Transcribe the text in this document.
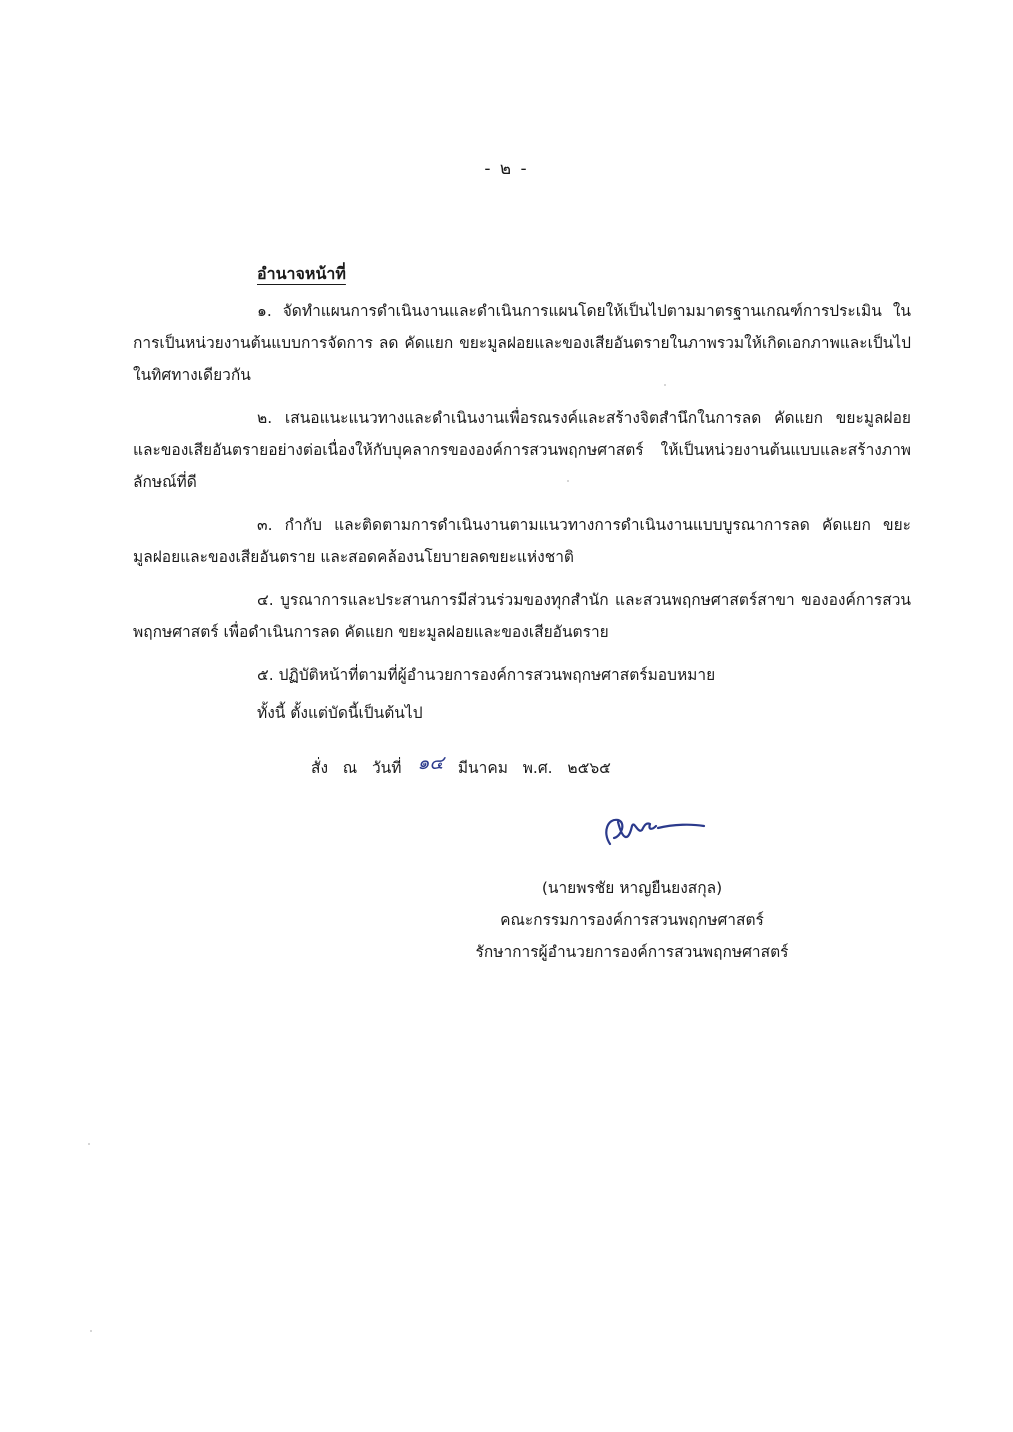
- ๒ -
อำนาจหน้าที่

๑. จัดทำแผนการดำเนินงานและดำเนินการแผนโดยให้เป็นไปตามมาตรฐานเกณฑ์การประเมิน ในการเป็นหน่วยงานต้นแบบการจัดการ ลด คัดแยก ขยะมูลฝอยและของเสียอันตรายในภาพรวมให้เกิดเอกภาพและเป็นไปในทิศทางเดียวกัน

๒. เสนอแนะแนวทางและดำเนินงานเพื่อรณรงค์และสร้างจิตสำนึกในการลด คัดแยก ขยะมูลฝอยและของเสียอันตรายอย่างต่อเนื่องให้กับบุคลากรขององค์การสวนพฤกษศาสตร์ ให้เป็นหน่วยงานต้นแบบและสร้างภาพลักษณ์ที่ดี

๓. กำกับ และติดตามการดำเนินงานตามแนวทางการดำเนินงานแบบบูรณาการลด คัดแยก ขยะมูลฝอยและของเสียอันตราย และสอดคล้องนโยบายลดขยะแห่งชาติ

๔. บูรณาการและประสานการมีส่วนร่วมของทุกสำนัก และสวนพฤกษศาสตร์สาขา ขององค์การสวนพฤกษศาสตร์ เพื่อดำเนินการลด คัดแยก ขยะมูลฝอยและของเสียอันตราย

๕. ปฏิบัติหน้าที่ตามที่ผู้อำนวยการองค์การสวนพฤกษศาสตร์มอบหมาย

ทั้งนี้ ตั้งแต่บัดนี้เป็นต้นไป
สั่ง   ณ   วันที่ ๑๔ มีนาคม   พ.ศ.   ๒๕๖๕
(นายพรชัย หาญยืนยงสกุล)
คณะกรรมการองค์การสวนพฤกษศาสตร์
รักษาการผู้อำนวยการองค์การสวนพฤกษศาสตร์
